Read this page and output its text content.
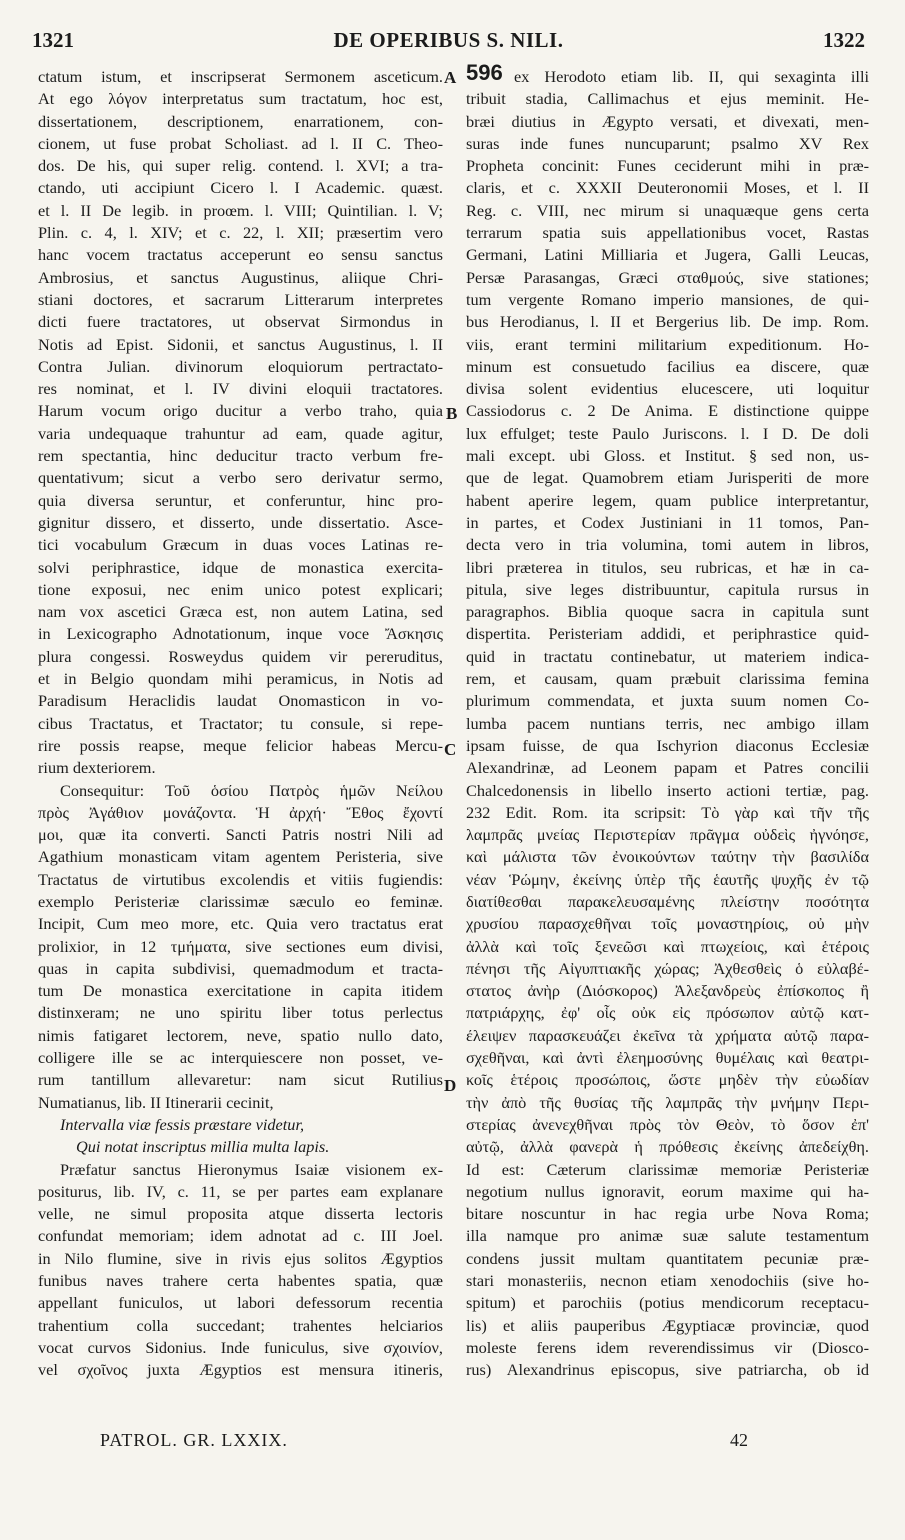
1321	DE OPERIBUS S. NILI.	1322
A
B
C
D
ctatum istum, et inscripserat Sermonem asceticum.
At ego λόγον interpretatus sum tractatum, hoc est,
dissertationem, descriptionem, enarrationem, con-
cionem, ut fuse probat Scholiast. ad l. II C. Theo-
dos. De his, qui super relig. contend. l. XVI; a tra-
ctando, uti accipiunt Cicero l. I Academic. quæst.
et l. II De legib. in proœm. l. VIII; Quintilian. l. V;
Plin. c. 4, l. XIV; et c. 22, l. XII; præsertim vero
hanc vocem tractatus acceperunt eo sensu sanctus
Ambrosius, et sanctus Augustinus, aliique Chri-
stiani doctores, et sacrarum Litterarum interpretes
dicti fuere tractatores, ut observat Sirmondus in
Notis ad Epist. Sidonii, et sanctus Augustinus, l. II
Contra Julian. divinorum eloquiorum pertractato-
res nominat, et l. IV divini eloquii tractatores.
Harum vocum origo ducitur a verbo traho, quia
varia undequaque trahuntur ad eam, quade agitur,
rem spectantia, hinc deducitur tracto verbum fre-
quentativum; sicut a verbo sero derivatur sermo,
quia diversa seruntur, et conferuntur, hinc pro-
gignitur dissero, et disserto, unde dissertatio. Asce-
tici vocabulum Græcum in duas voces Latinas re-
solvi periphrastice, idque de monastica exercita-
tione exposui, nec enim unico potest explicari;
nam vox ascetici Græca est, non autem Latina, sed
in Lexicographo Adnotationum, inque voce Ἄσκησις
plura congessi. Rosweydus quidem vir pereruditus,
et in Belgio quondam mihi peramicus, in Notis ad
Paradisum Heraclidis laudat Onomasticon in vo-
cibus Tractatus, et Tractator; tu consule, si repe-
rire possis reapse, meque felicior habeas Mercu-
rium dexteriorem.
Consequitur: Τοῦ ὁσίου Πατρὸς ἡμῶν Νείλου
πρὸς Ἀγάθιον μονάζοντα. Ἡ ἀρχή· Ἔθος ἔχοντί
μοι, quæ ita converti. Sancti Patris nostri Nili ad
Agathium monasticam vitam agentem Peristeria, sive
Tractatus de virtutibus excolendis et vitiis fugiendis:
exemplo Peristeriæ clarissimæ sæculo eo feminæ.
Incipit, Cum meo more, etc. Quia vero tractatus erat
prolixior, in 12 τμήματα, sive sectiones eum divisi,
quas in capita subdivisi, quemadmodum et tracta-
tum De monastica exercitatione in capita itidem
distinxeram; ne uno spiritu liber totus perlectus
nimis fatigaret lectorem, neve, spatio nullo dato,
colligere ille se ac interquiescere non posset, ve-
rum tantillum allevaretur: nam sicut Rutilius
Numatianus, lib. II Itinerarii cecinit,
Intervalla viæ fessis præstare videtur,
Qui notat inscriptus millia multa lapis.
Præfatur sanctus Hieronymus Isaiæ visionem ex-
positurus, lib. IV, c. 11, se per partes eam explanare
velle, ne simul proposita atque disserta lectoris
confundat memoriam; idem adnotat ad c. III Joel.
in Nilo flumine, sive in rivis ejus solitos Ægyptios
funibus naves trahere certa habentes spatia, quæ
appellant funiculos, ut labori defessorum recentia
trahentium colla succedant; trahentes helciarios
vocat curvos Sidonius. Inde funiculus, sive σχοινίον,
vel σχοῖνος juxta Ægyptios est mensura itineris,
ex Herodoto etiam lib. II, qui sexaginta illi
tribuit stadia, Callimachus et ejus meminit. He-
bræi diutius in Ægypto versati, et divexati, men-
suras inde funes nuncuparunt; psalmo XV Rex
Propheta concinit: Funes ceciderunt mihi in præ-
claris, et c. XXXII Deuteronomii Moses, et l. II
Reg. c. VIII, nec mirum si unaquæque gens certa
terrarum spatia suis appellationibus vocet, Rastas
Germani, Latini Milliaria et Jugera, Galli Leucas,
Persæ Parasangas, Græci σταθμούς, sive stationes;
tum vergente Romano imperio mansiones, de qui-
bus Herodianus, l. II et Bergerius lib. De imp. Rom.
viis, erant termini militarium expeditionum. Ho-
minum est consuetudo facilius ea discere, quæ
divisa solent evidentius elucescere, uti loquitur
Cassiodorus c. 2 De Anima. E distinctione quippe
lux effulget; teste Paulo Juriscons. l. I D. De doli
mali except. ubi Gloss. et Institut. § sed non, us-
que de legat. Quamobrem etiam Jurisperiti de more
habent aperire legem, quam publice interpretantur,
in partes, et Codex Justiniani in 11 tomos, Pan-
decta vero in tria volumina, tomi autem in libros,
libri præterea in titulos, seu rubricas, et hæ in ca-
pitula, sive leges distribuuntur, capitula rursus in
paragraphos. Biblia quoque sacra in capitula sunt
dispertita. Peristeriam addidi, et periphrastice quid-
quid in tractatu continebatur, ut materiem indica-
rem, et causam, quam præbuit clarissima femina
plurimum commendata, et juxta suum nomen Co-
lumba pacem nuntians terris, nec ambigo illam
ipsam fuisse, de qua Ischyrion diaconus Ecclesiæ
Alexandrinæ, ad Leonem papam et Patres concilii
Chalcedonensis in libello inserto actioni tertiæ, pag.
232 Edit. Rom. ita scripsit: Τὸ γὰρ καὶ τῆν τῆς
λαμπρᾶς μνείας Περιστερίαν πρᾶγμα οὐδεὶς ἠγνόησε,
καὶ μάλιστα τῶν ἐνοικούντων ταύτην τὴν βασιλίδα
νέαν Ῥώμην, ἐκείνης ὑπὲρ τῆς ἑαυτῆς ψυχῆς ἐν τῷ
διατίθεσθαι παρακελευσαμένης πλείστην ποσότητα
χρυσίου παρασχεθῆναι τοῖς μοναστηρίοις, οὐ μὴν
ἀλλὰ καὶ τοῖς ξενεῶσι καὶ πτωχείοις, καὶ ἑτέροις
πένησι τῆς Αἰγυπτιακῆς χώρας; Ἀχθεσθεὶς ὁ εὐλαβέ-
στατος ἀνὴρ (Διόσκορος) Ἀλεξανδρεὺς ἐπίσκοπος ἢ
πατριάρχης, ἐφ' οἷς οὐκ εἰς πρόσωπον αὐτῷ κατ-
έλειψεν παρασκευάζει ἐκεῖνα τὰ χρήματα αὐτῷ παρα-
σχεθῆναι, καὶ ἀντὶ ἐλεημοσύνης θυμέλαις καὶ θεατρι-
κοῖς ἑτέροις προσώποις, ὥστε μηδὲν τὴν εὐωδίαν
τὴν ἀπὸ τῆς θυσίας τῆς λαμπρᾶς τὴν μνήμην Περι-
στερίας ἀνενεχθῆναι πρὸς τὸν Θεὸν, τὸ ὅσον ἐπ'
αὐτῷ, ἀλλὰ φανερὰ ἡ πρόθεσις ἐκείνης ἀπεδείχθη.
Id est: Cæterum clarissimæ memoriæ Peristeriæ
negotium nullus ignoravit, eorum maxime qui ha-
bitare noscuntur in hac regia urbe Nova Roma;
illa namque pro animæ suæ salute testamentum
condens jussit multam quantitatem pecuniæ præ-
stari monasteriis, necnon etiam xenodochiis (sive ho-
spitum) et parochiis (potius mendicorum receptacu-
lis) et aliis pauperibus Ægyptiacæ provinciæ, quod
moleste ferens idem reverendissimus vir (Diosco-
rus) Alexandrinus episcopus, sive patriarcha, ob id
PATROL. GR. LXXIX.	42
596
